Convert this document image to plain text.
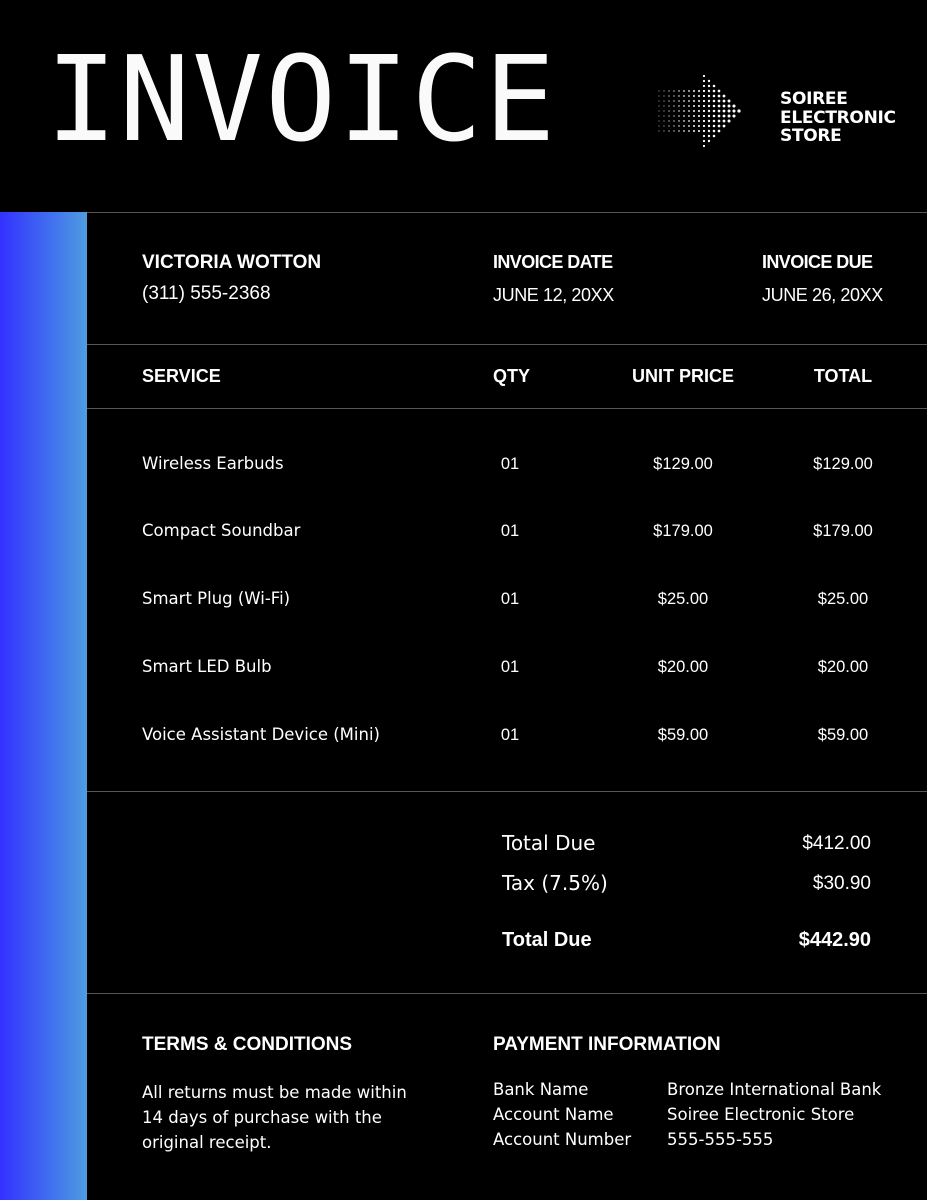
INVOICE	SOIREE
ELECTRONIC
STORE
VICTORIA WOTTON
(311) 555-2368
INVOICE DATE
JUNE 12, 20XX
INVOICE DUE
JUNE 26, 20XX
SERVICE	QTY	UNIT PRICE	TOTAL
Wireless Earbuds	01	$129.00	$129.00
Compact Soundbar	01	$179.00	$179.00
Smart Plug (Wi-Fi)	01	$25.00	$25.00
Smart LED Bulb	01	$20.00	$20.00
Voice Assistant Device (Mini)	01	$59.00	$59.00
Total Due	$412.00
Tax (7.5%)	$30.90
Total Due	$442.90
TERMS & CONDITIONS
All returns must be made within 14 days of purchase with the original receipt.
PAYMENT INFORMATION
Bank Name	Bronze International Bank
Account Name	Soiree Electronic Store
Account Number 555-555-555
